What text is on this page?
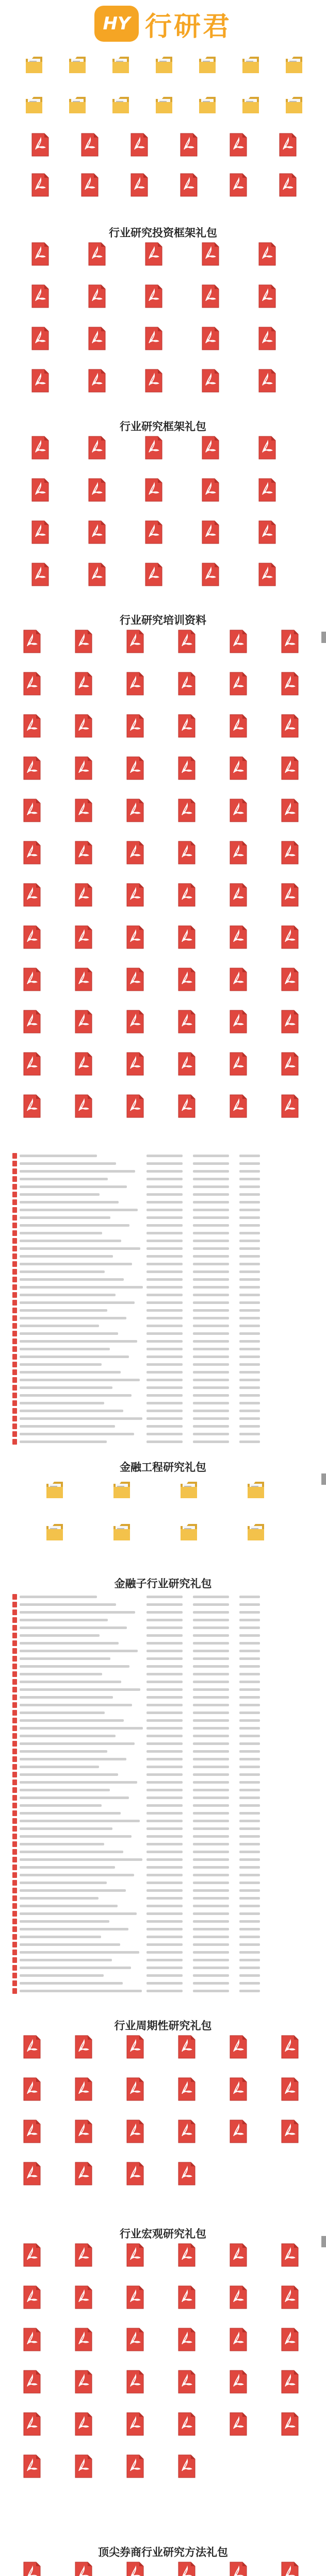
HY 行研君
行业研究投资框架礼包
行业研究框架礼包
行业研究培训资料
金融工程研究礼包
金融子行业研究礼包
行业周期性研究礼包
行业宏观研究礼包
顶尖券商行业研究方法礼包
